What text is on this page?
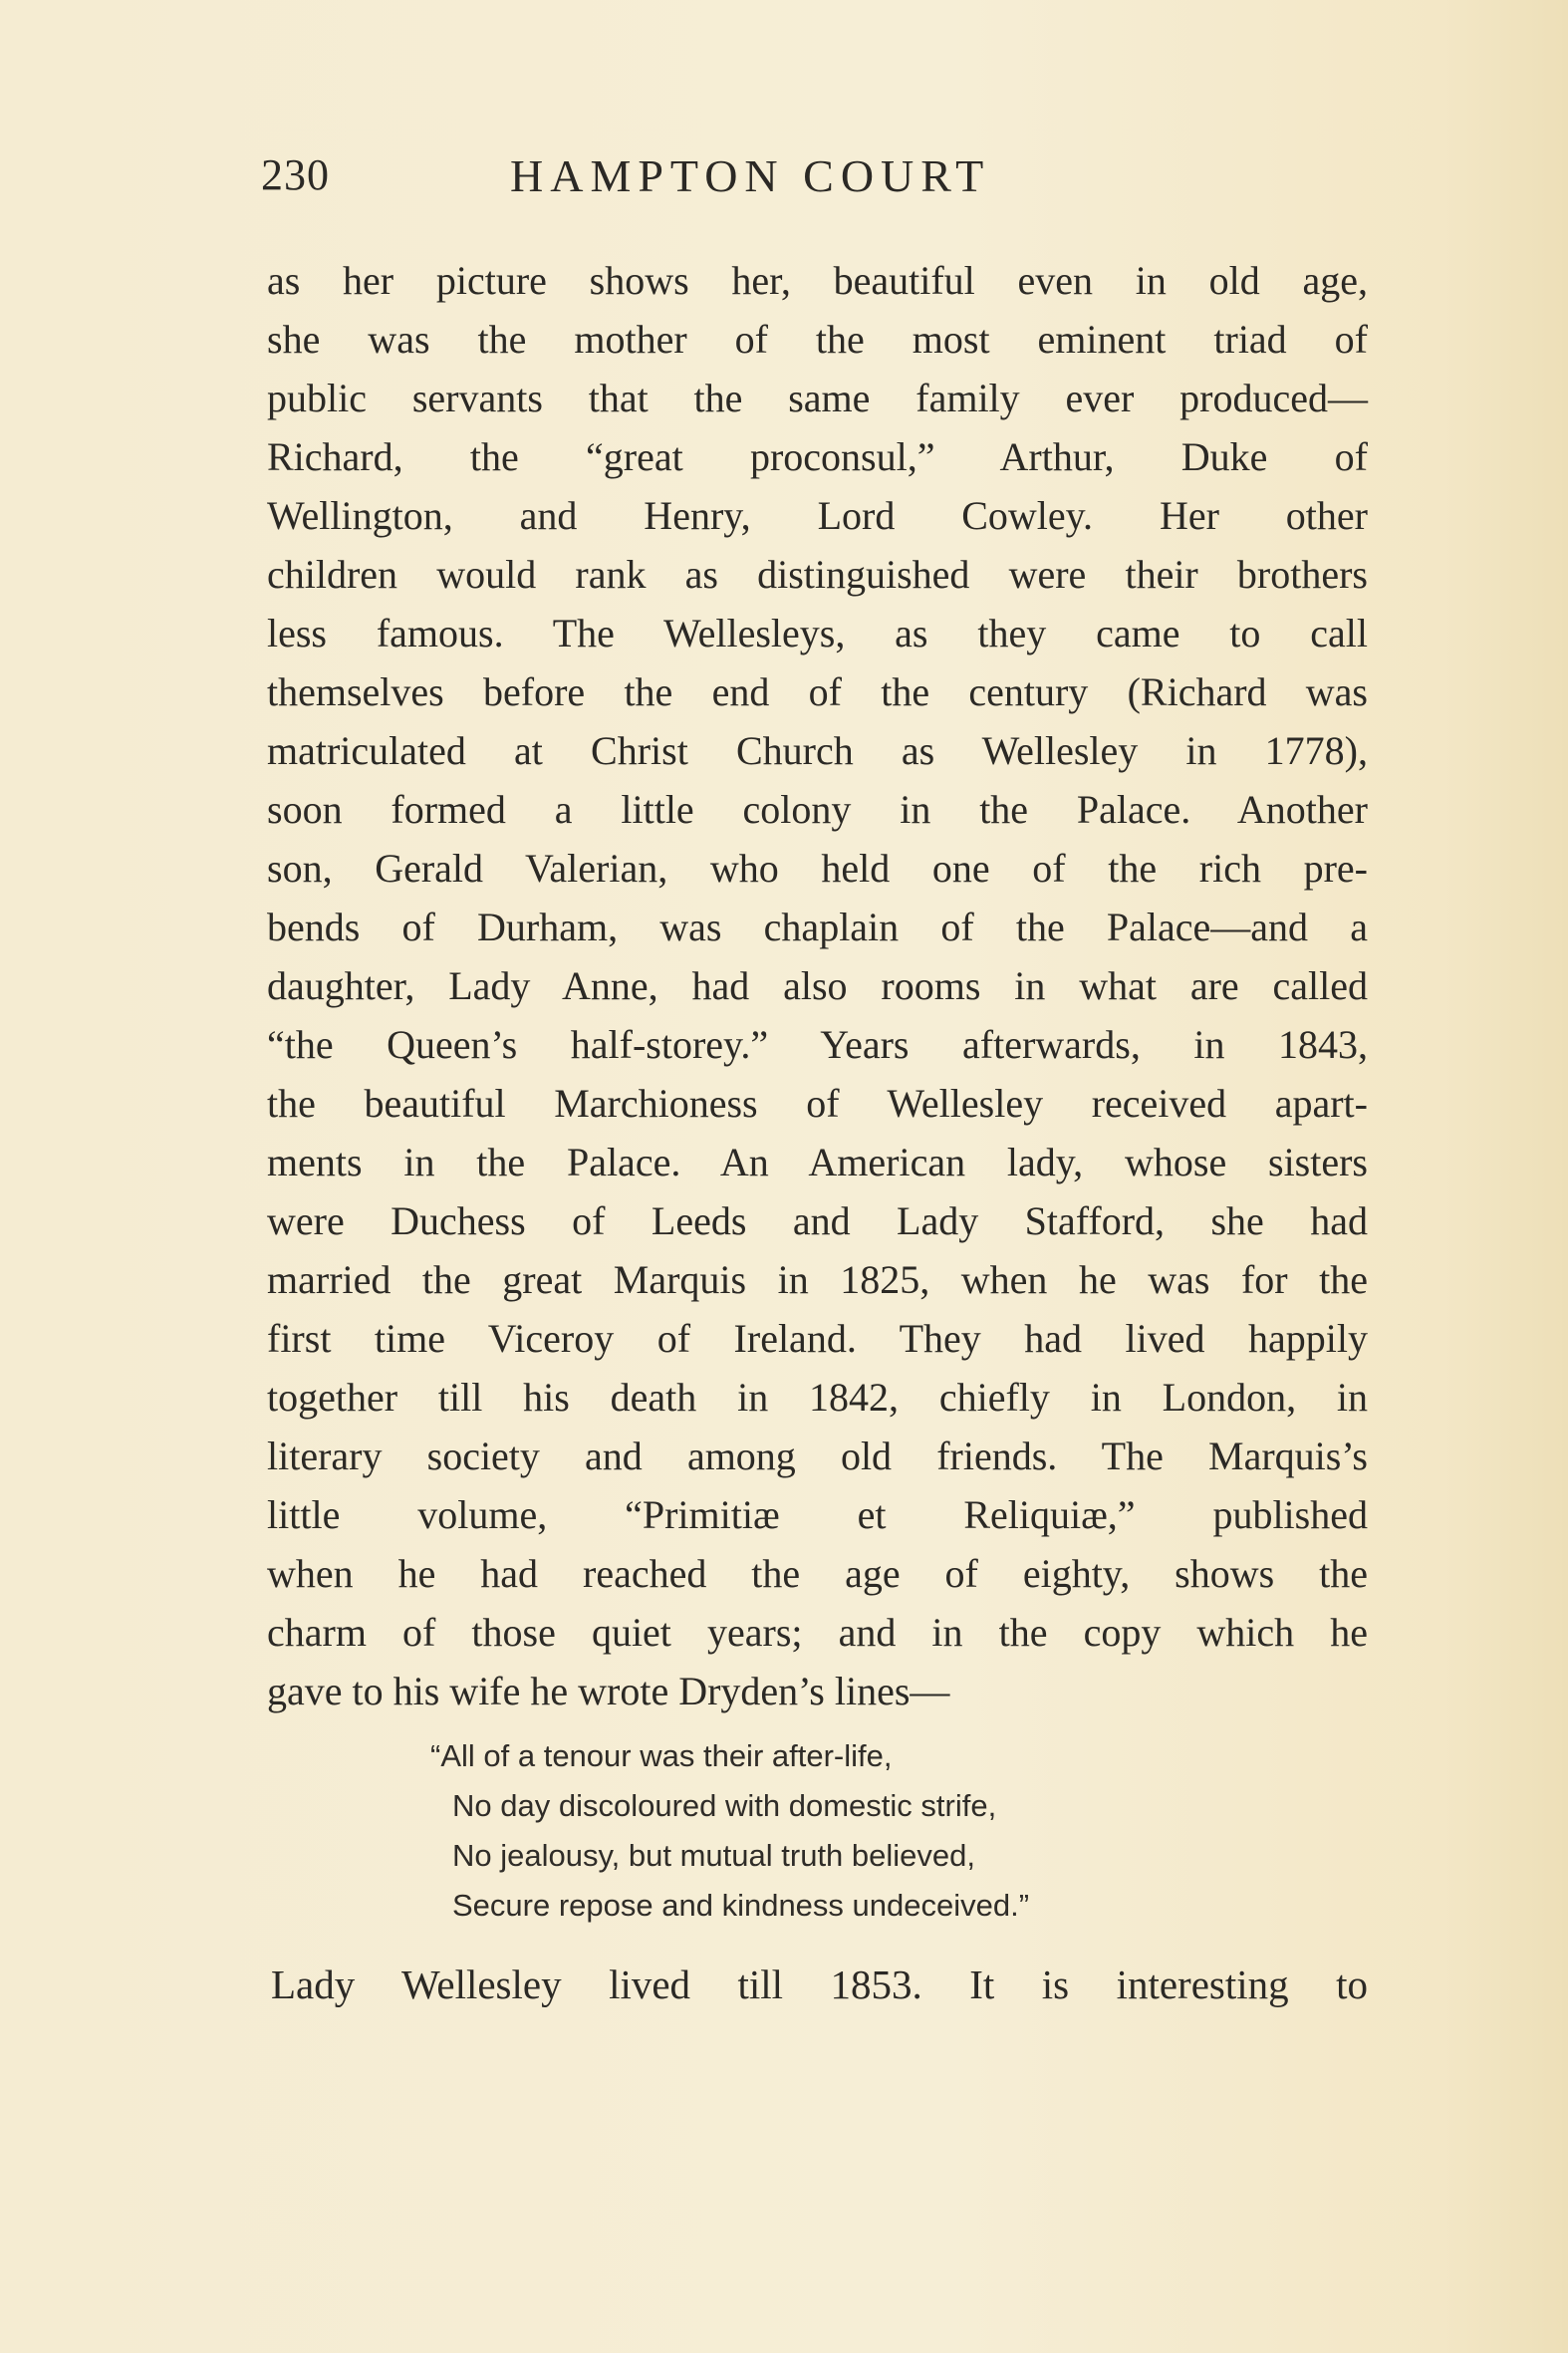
230	HAMPTON COURT
as her picture shows her, beautiful even in old age,
she was the mother of the most eminent triad of
public servants that the same family ever produced—
Richard, the “great proconsul,” Arthur, Duke of
Wellington, and Henry, Lord Cowley. Her other
children would rank as distinguished were their brothers
less famous. The Wellesleys, as they came to call
themselves before the end of the century (Richard was
matriculated at Christ Church as Wellesley in 1778),
soon formed a little colony in the Palace. Another
son, Gerald Valerian, who held one of the rich pre-
bends of Durham, was chaplain of the Palace—and a
daughter, Lady Anne, had also rooms in what are called
“the Queen’s half-storey.” Years afterwards, in 1843,
the beautiful Marchioness of Wellesley received apart-
ments in the Palace. An American lady, whose sisters
were Duchess of Leeds and Lady Stafford, she had
married the great Marquis in 1825, when he was for the
first time Viceroy of Ireland. They had lived happily
together till his death in 1842, chiefly in London, in
literary society and among old friends. The Marquis’s
little volume, “Primitiæ et Reliquiæ,” published
when he had reached the age of eighty, shows the
charm of those quiet years; and in the copy which he
gave to his wife he wrote Dryden’s lines—
“All of a tenour was their after-life,
No day discoloured with domestic strife,
No jealousy, but mutual truth believed,
Secure repose and kindness undeceived.”
Lady Wellesley lived till 1853. It is interesting to
